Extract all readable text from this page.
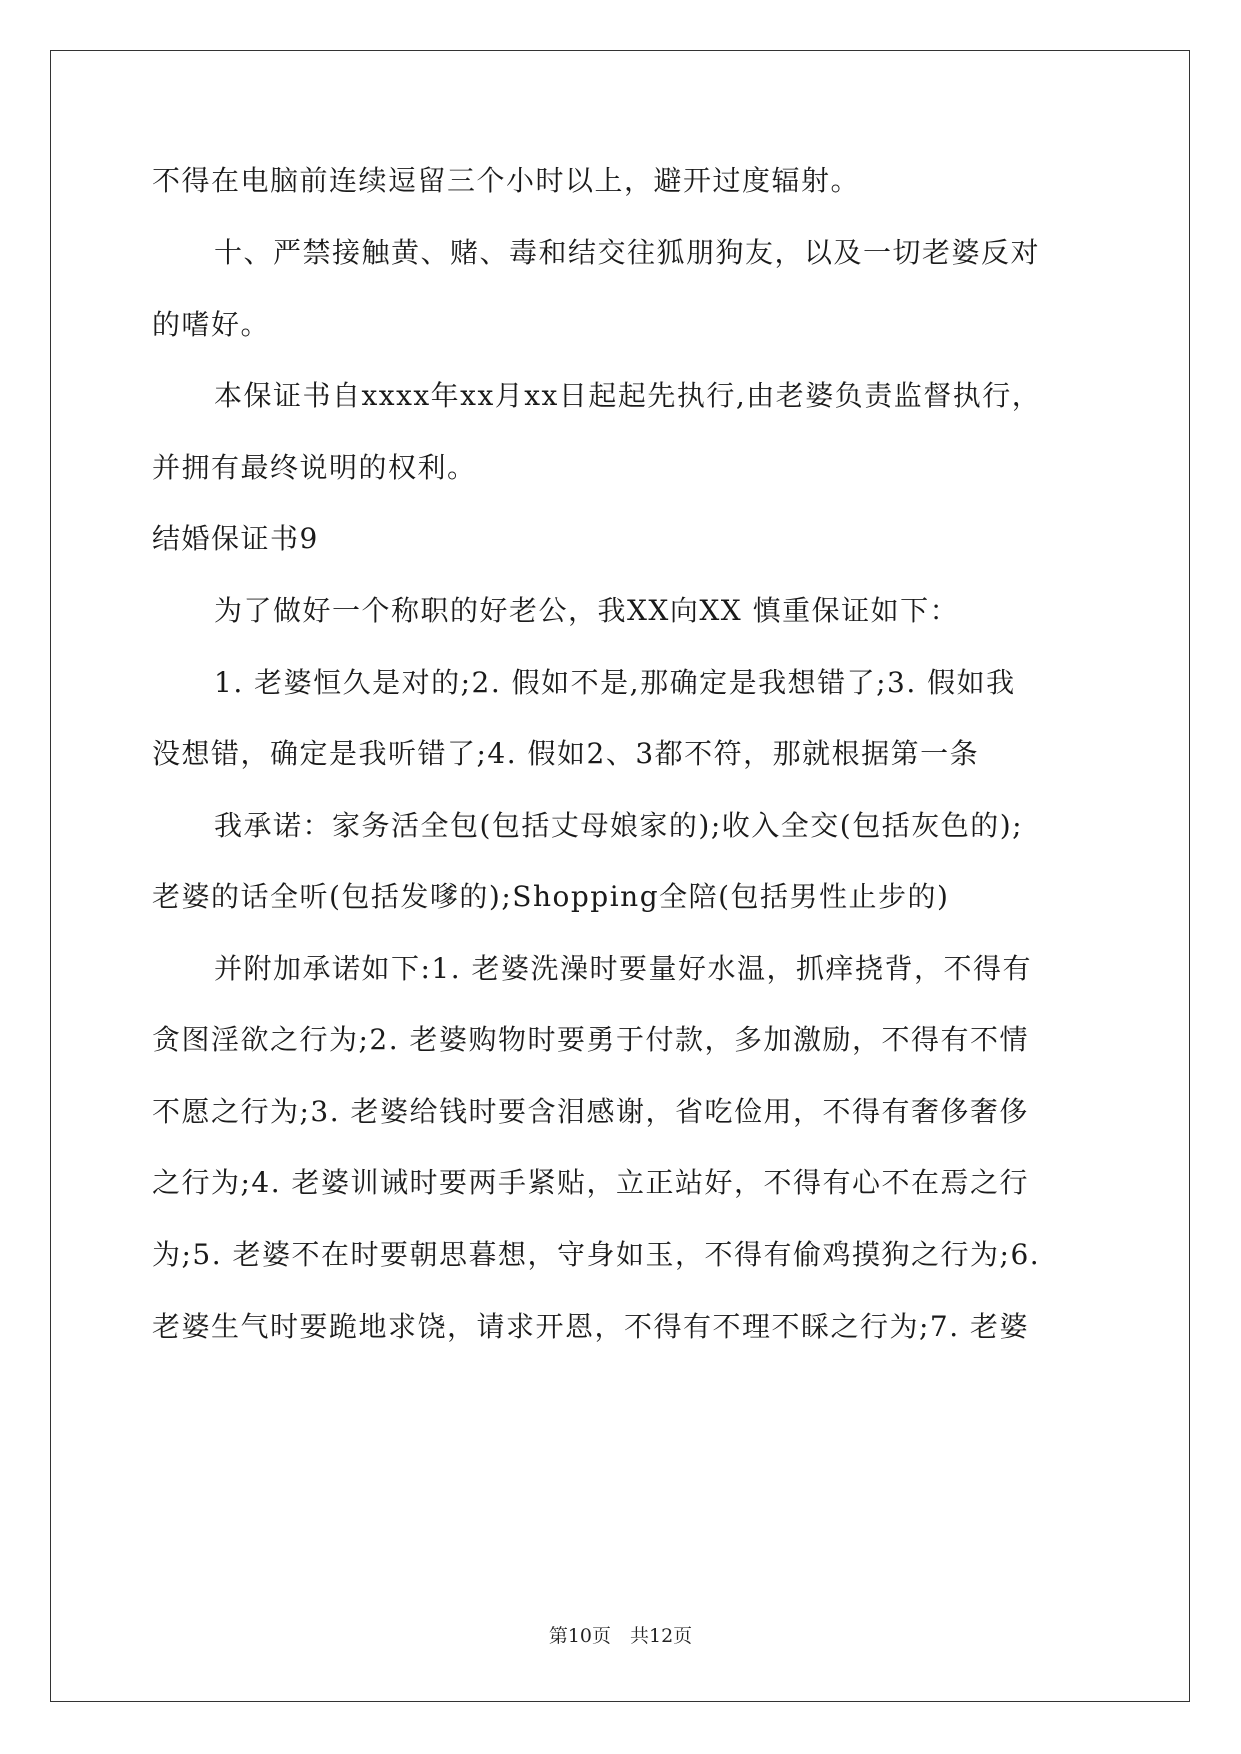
不得在电脑前连续逗留三个小时以上，避开过度辐射。
十、严禁接触黄、赌、毒和结交往狐朋狗友，以及一切老婆反对
的嗜好。
本保证书自xxxx年xx月xx日起起先执行,由老婆负责监督执行，
并拥有最终说明的权利。
结婚保证书9
为了做好一个称职的好老公，我XX向XX 慎重保证如下：
1. 老婆恒久是对的;2. 假如不是,那确定是我想错了;3. 假如我
没想错，确定是我听错了;4. 假如2、3都不符，那就根据第一条
我承诺：家务活全包(包括丈母娘家的);收入全交(包括灰色的);
老婆的话全听(包括发嗲的);Shopping全陪(包括男性止步的)
并附加承诺如下:1. 老婆洗澡时要量好水温，抓痒挠背，不得有
贪图淫欲之行为;2. 老婆购物时要勇于付款，多加激励，不得有不情
不愿之行为;3. 老婆给钱时要含泪感谢，省吃俭用，不得有奢侈奢侈
之行为;4. 老婆训诫时要两手紧贴，立正站好，不得有心不在焉之行
为;5. 老婆不在时要朝思暮想，守身如玉，不得有偷鸡摸狗之行为;6.
老婆生气时要跪地求饶，请求开恩，不得有不理不睬之行为;7. 老婆
第10页　共12页
